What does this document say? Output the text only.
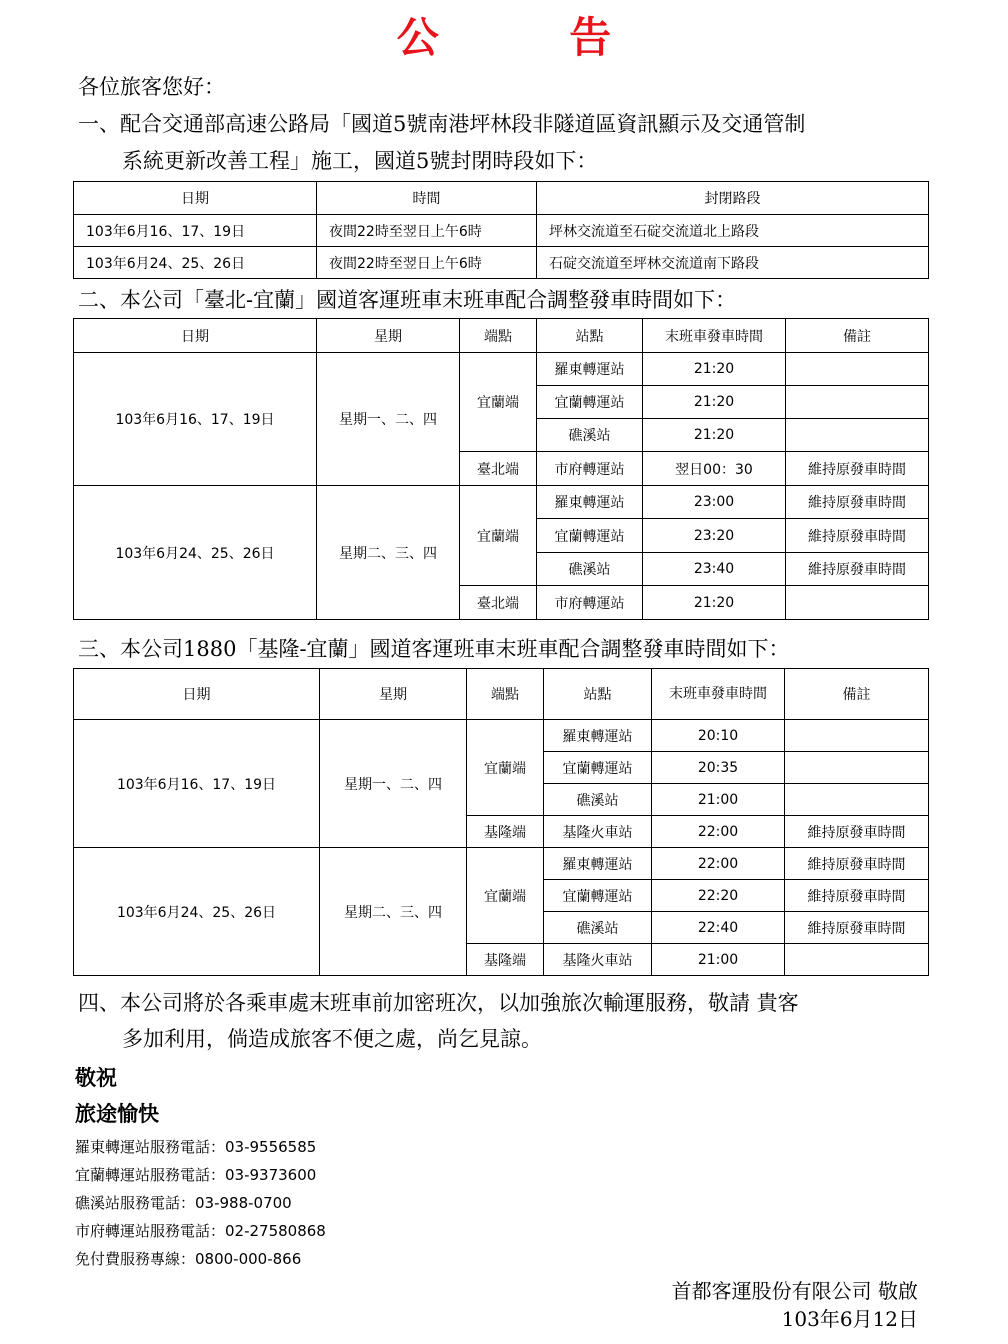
公 告
各位旅客您好：
一、配合交通部高速公路局「國道5號南港坪林段非隧道區資訊顯示及交通管制
系統更新改善工程」施工，國道5號封閉時段如下：
日期	時間	封閉路段
103年6月16、17、19日	夜間22時至翌日上午6時	坪林交流道至石碇交流道北上路段
103年6月24、25、26日	夜間22時至翌日上午6時	石碇交流道至坪林交流道南下路段
二、本公司「臺北-宜蘭」國道客運班車末班車配合調整發車時間如下：
日期	星期	端點	站點	末班車發車時間	備註
103年6月16、17、19日	星期一、二、四	宜蘭端	羅東轉運站	21:20	
			宜蘭轉運站	21:20	
			礁溪站	21:20	
		臺北端	市府轉運站	翌日00：30	維持原發車時間
103年6月24、25、26日	星期二、三、四	宜蘭端	羅東轉運站	23:00	維持原發車時間
			宜蘭轉運站	23:20	維持原發車時間
			礁溪站	23:40	維持原發車時間
		臺北端	市府轉運站	21:20	
三、本公司1880「基隆-宜蘭」國道客運班車末班車配合調整發車時間如下：
日期	星期	端點	站點	末班車發車時間	備註
103年6月16、17、19日	星期一、二、四	宜蘭端	羅東轉運站	20:10	
			宜蘭轉運站	20:35	
			礁溪站	21:00	
		基隆端	基隆火車站	22:00	維持原發車時間
103年6月24、25、26日	星期二、三、四	宜蘭端	羅東轉運站	22:00	維持原發車時間
			宜蘭轉運站	22:20	維持原發車時間
			礁溪站	22:40	維持原發車時間
		基隆端	基隆火車站	21:00	
四、本公司將於各乘車處末班車前加密班次，以加強旅次輸運服務，敬請 貴客
多加利用，倘造成旅客不便之處，尚乞見諒。
敬祝
旅途愉快
羅東轉運站服務電話：03-9556585
宜蘭轉運站服務電話：03-9373600
礁溪站服務電話：03-988-0700
市府轉運站服務電話：02-27580868
免付費服務專線：0800-000-866
首都客運股份有限公司 敬啟
103年6月12日
